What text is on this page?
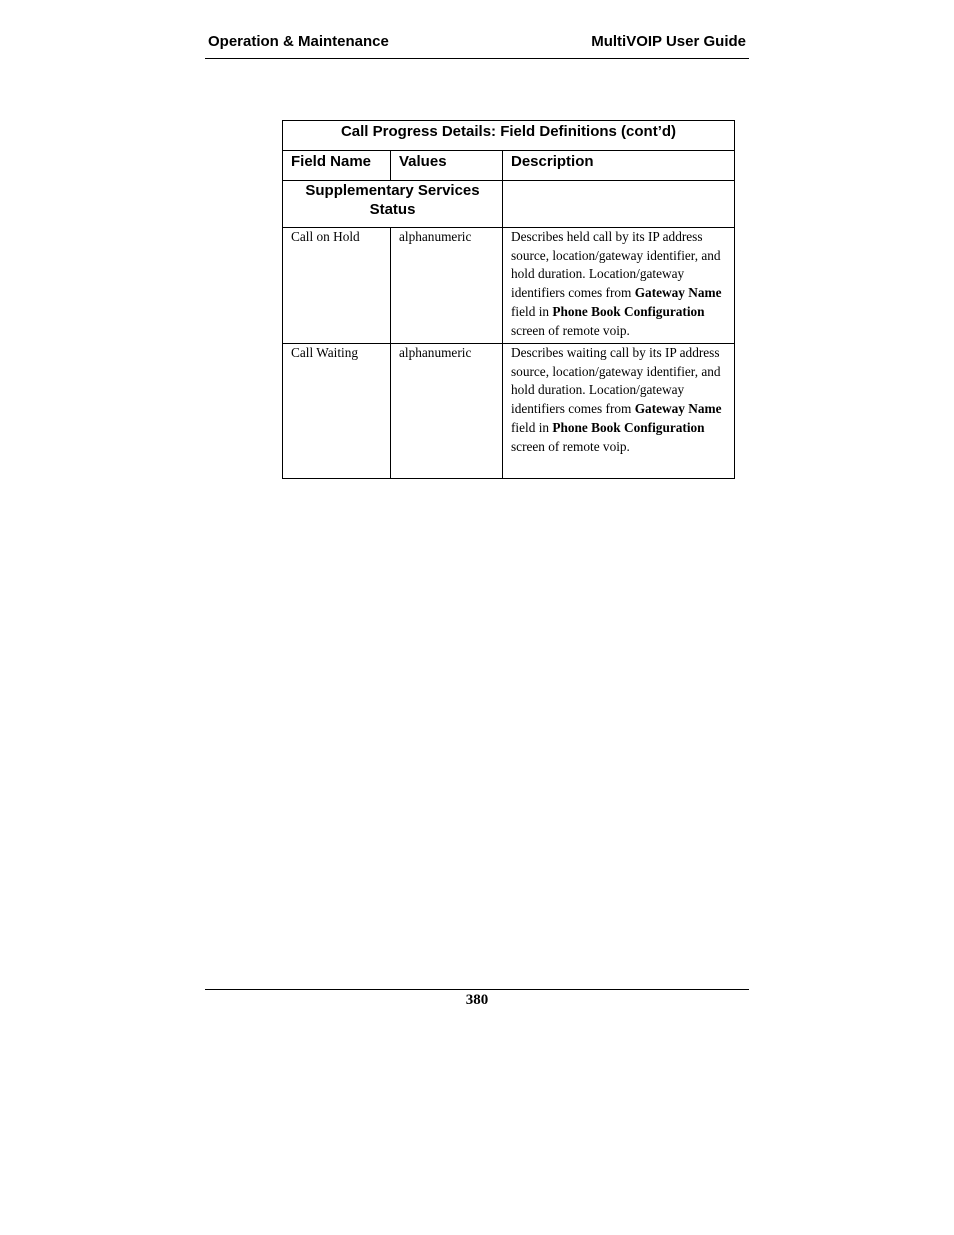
Operation & Maintenance	MultiVOIP User Guide
Call Progress Details: Field Definitions (cont’d)		
Field Name	Values	Description
Supplementary Services Status		
Call on Hold	alphanumeric	Describes held call by its IP address source, location/gateway identifier, and hold duration. Location/gateway identifiers comes from Gateway Name field in Phone Book Configuration screen of remote voip.
Call Waiting	alphanumeric	Describes waiting call by its IP address source, location/gateway identifier, and hold duration. Location/gateway identifiers comes from Gateway Name field in Phone Book Configuration screen of remote voip.
380
